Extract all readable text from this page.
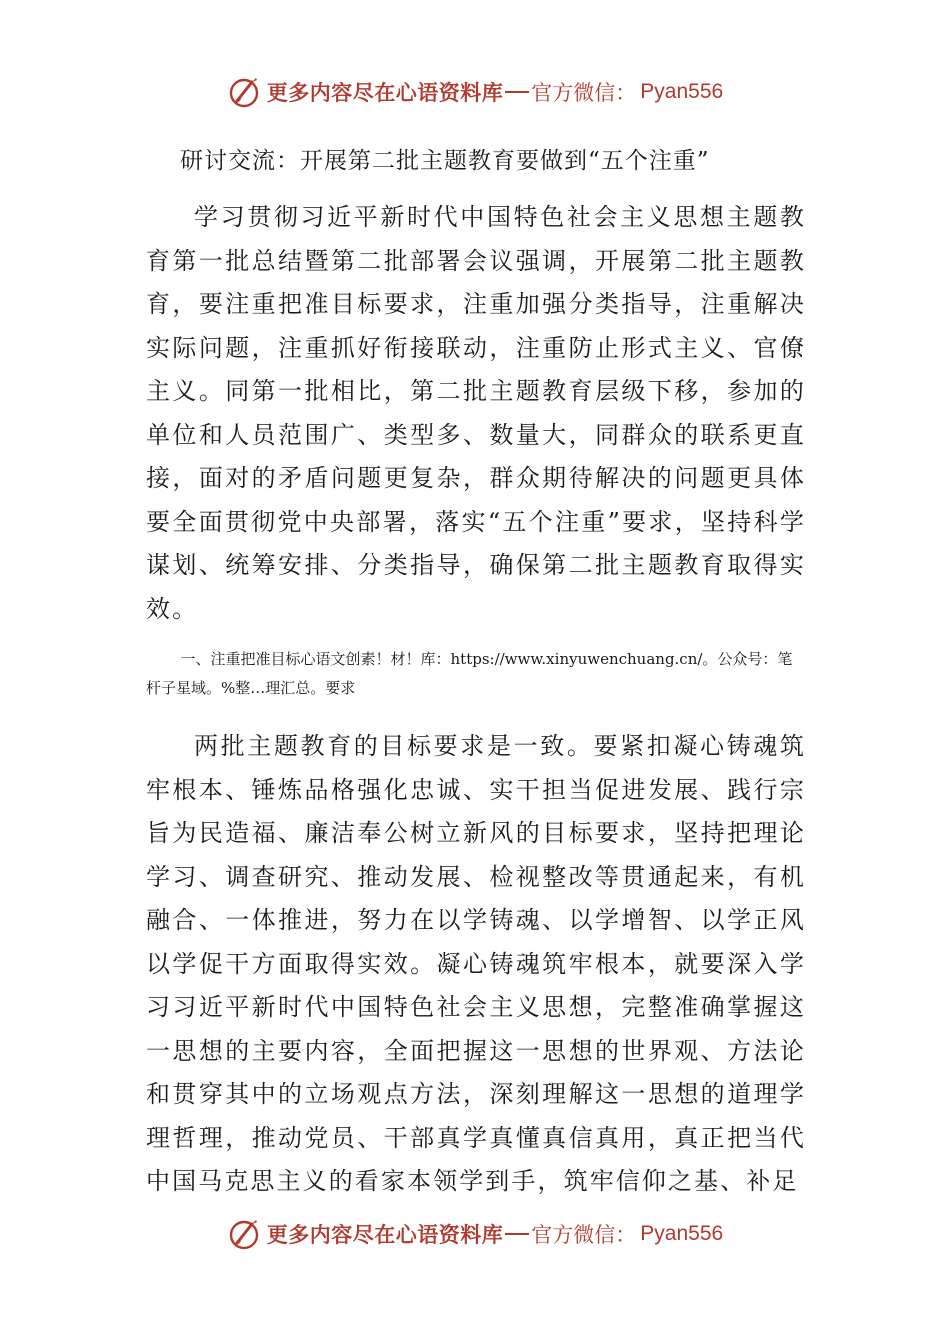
更多内容尽在心语资料库 官方微信： Pyan556
研讨交流：开展第二批主题教育要做到“五个注重”

学习贯彻习近平新时代中国特色社会主义思想主题教育第一批总结暨第二批部署会议强调，开展第二批主题教育，要注重把准目标要求，注重加强分类指导，注重解决实际问题，注重抓好衔接联动，注重防止形式主义、官僚主义。同第一批相比，第二批主题教育层级下移，参加的单位和人员范围广、类型多、数量大，同群众的联系更直接，面对的矛盾问题更复杂，群众期待解决的问题更具体要全面贯彻党中央部署，落实“五个注重”要求，坚持科学谋划、统筹安排、分类指导，确保第二批主题教育取得实效。

一、注重把准目标心语文创素！材！库：https://www.xinyuwenchuang.cn/。公众号：笔杆子星域。%整…理汇总。要求

两批主题教育的目标要求是一致。要紧扣凝心铸魂筑牢根本、锤炼品格强化忠诚、实干担当促进发展、践行宗旨为民造福、廉洁奉公树立新风的目标要求，坚持把理论学习、调查研究、推动发展、检视整改等贯通起来，有机融合、一体推进，努力在以学铸魂、以学增智、以学正风以学促干方面取得实效。凝心铸魂筑牢根本，就要深入学习习近平新时代中国特色社会主义思想，完整准确掌握这一思想的主要内容，全面把握这一思想的世界观、方法论和贯穿其中的立场观点方法，深刻理解这一思想的道理学理哲理，推动党员、干部真学真懂真信真用，真正把当代中国马克思主义的看家本领学到手，筑牢信仰之基、补足

更多内容尽在心语资料库 官方微信： Pyan556
